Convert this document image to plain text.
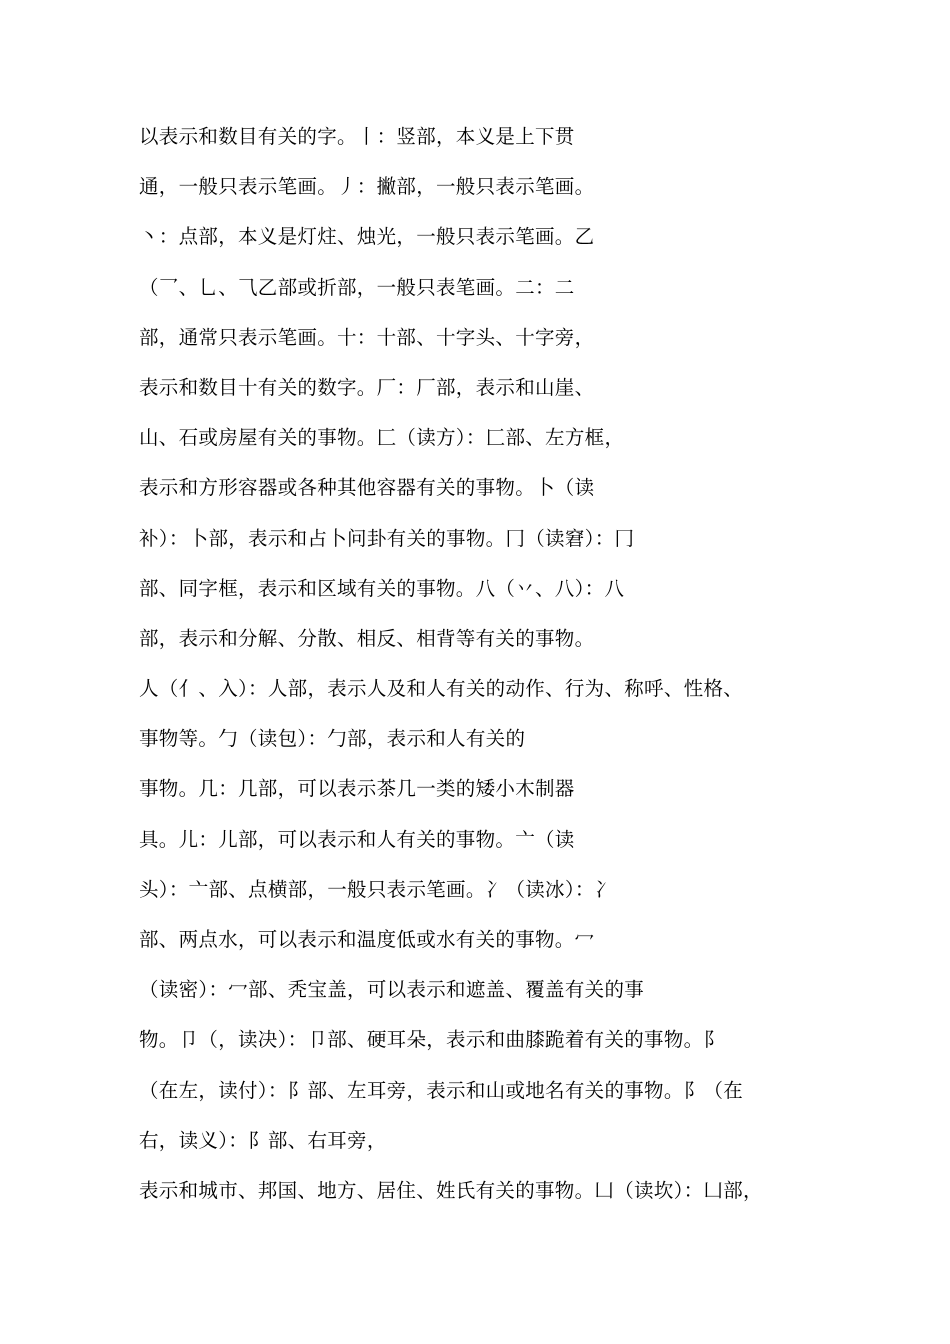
以表示和数目有关的字。丨：竖部，本义是上下贯
通，一般只表示笔画。丿：撇部，一般只表示笔画。
丶：点部，本义是灯炷、烛光，一般只表示笔画。乙
（乛、乚、⺄乙部或折部，一般只表笔画。二：二
部，通常只表示笔画。十：十部、十字头、十字旁，
表示和数目十有关的数字。厂：厂部，表示和山崖、
山、石或房屋有关的事物。匚（读方）：匚部、左方框，
表示和方形容器或各种其他容器有关的事物。卜（读
补）：卜部，表示和占卜问卦有关的事物。冂（读窘）：冂
部、同字框，表示和区域有关的事物。八（丷、八）：八
部，表示和分解、分散、相反、相背等有关的事物。
人（亻、入）：人部，表示人及和人有关的动作、行为、称呼、性格、
事物等。勹（读包）：勹部，表示和人有关的
事物。几：几部，可以表示茶几一类的矮小木制器
具。儿：儿部，可以表示和人有关的事物。亠（读
头）：亠部、点横部，一般只表示笔画。冫（读冰）：冫
部、两点水，可以表示和温度低或水有关的事物。冖
（读密）：冖部、秃宝盖，可以表示和遮盖、覆盖有关的事
物。卩（，读决）：卩部、硬耳朵，表示和曲膝跪着有关的事物。阝
（在左，读付）：阝部、左耳旁，表示和山或地名有关的事物。阝（在
右，读义）：阝部、右耳旁，
表示和城市、邦国、地方、居住、姓氏有关的事物。凵（读坎）：凵部，
